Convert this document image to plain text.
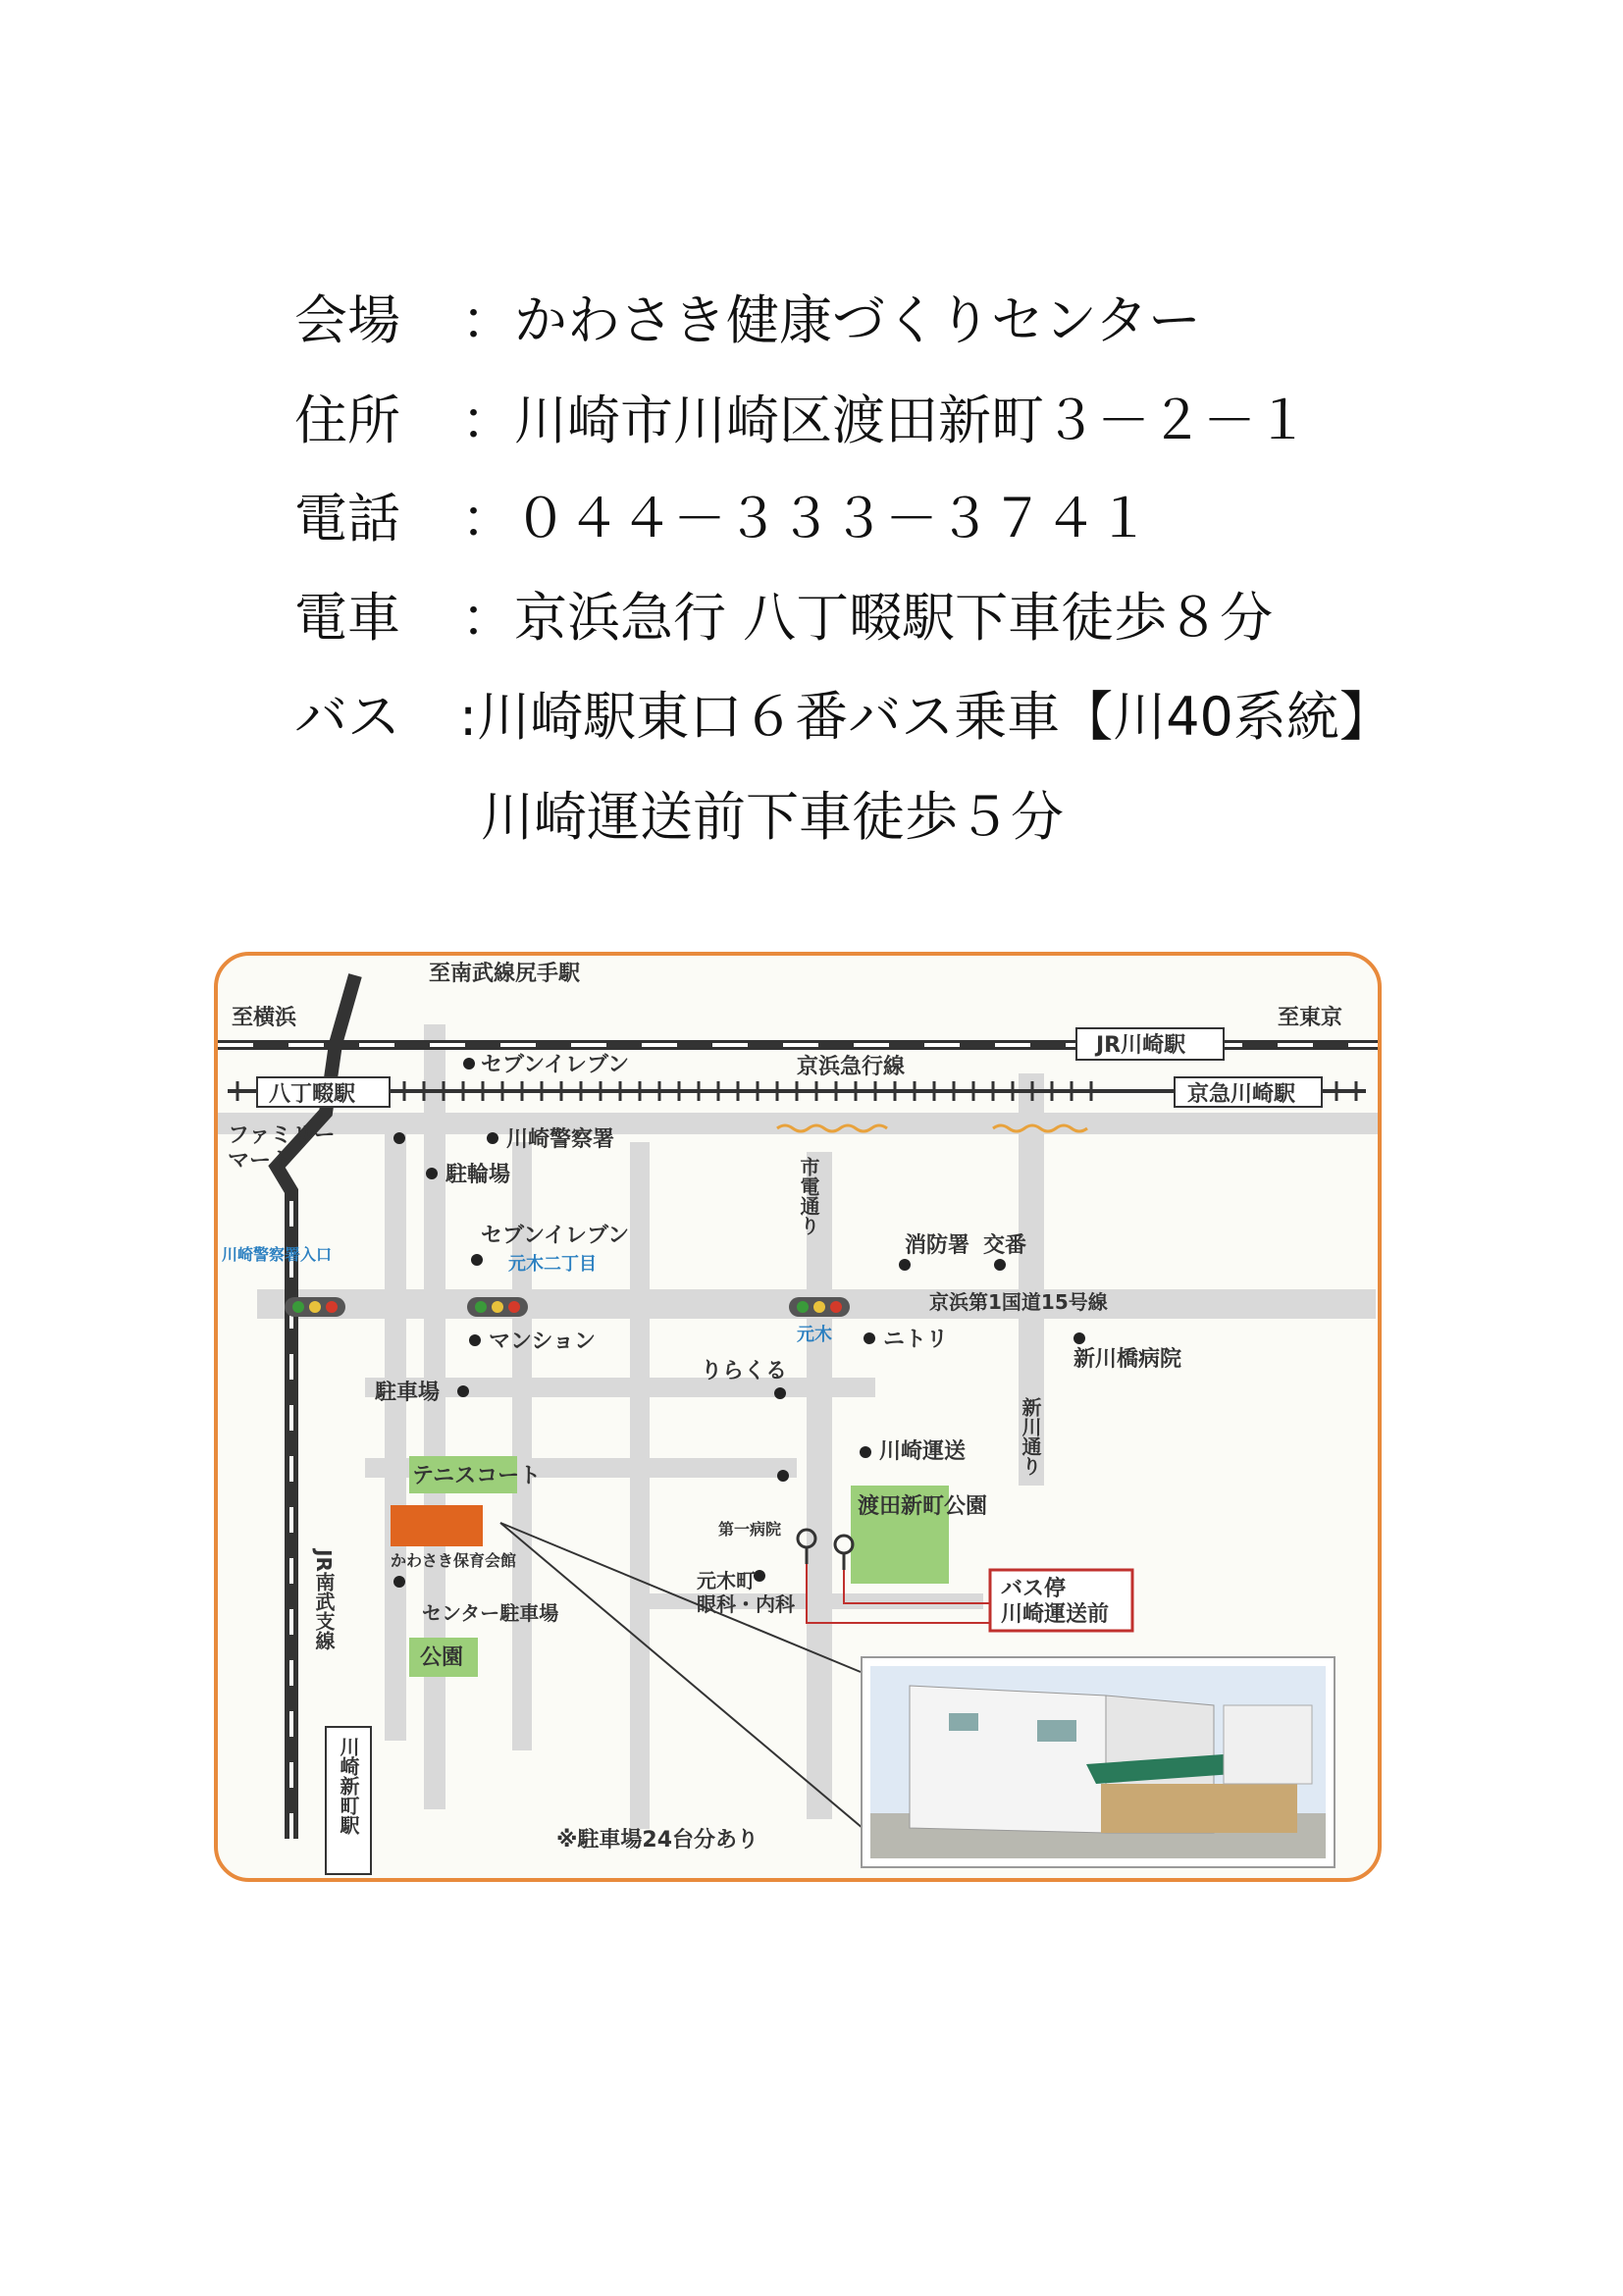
会場 ：かわさき健康づくりセンター
住所 ：川崎市川崎区渡田新町３－２－１
電話 ：０４４－３３３－３７４１
電車 ：京浜急行 八丁畷駅下車徒歩８分
バス :川崎駅東口６番バス乗車【川40系統】
川崎運送前下車徒歩５分
至南武線尻手駅
至横浜	至東京
JR川崎駅
セブンイレブン	京浜急行線
八丁畷駅	京急川崎駅
ファミリー
マート
川崎警察署
駐輪場
消防署 交番
セブンイレブン
京浜第1国道15号線
ニトリ
新川橋病院
マンション
りらくる
駐車場
川崎運送
テニスコート
渡田新町公園
公園
センター駐車場
元木町
眼科・内科
バス停
川崎運送前
※駐車場24台分あり
川崎警察署入口	元木二丁目
元木
かわさき保育会館
第一病院
市電通り
新川通り
JR南武支線
川崎新町駅
